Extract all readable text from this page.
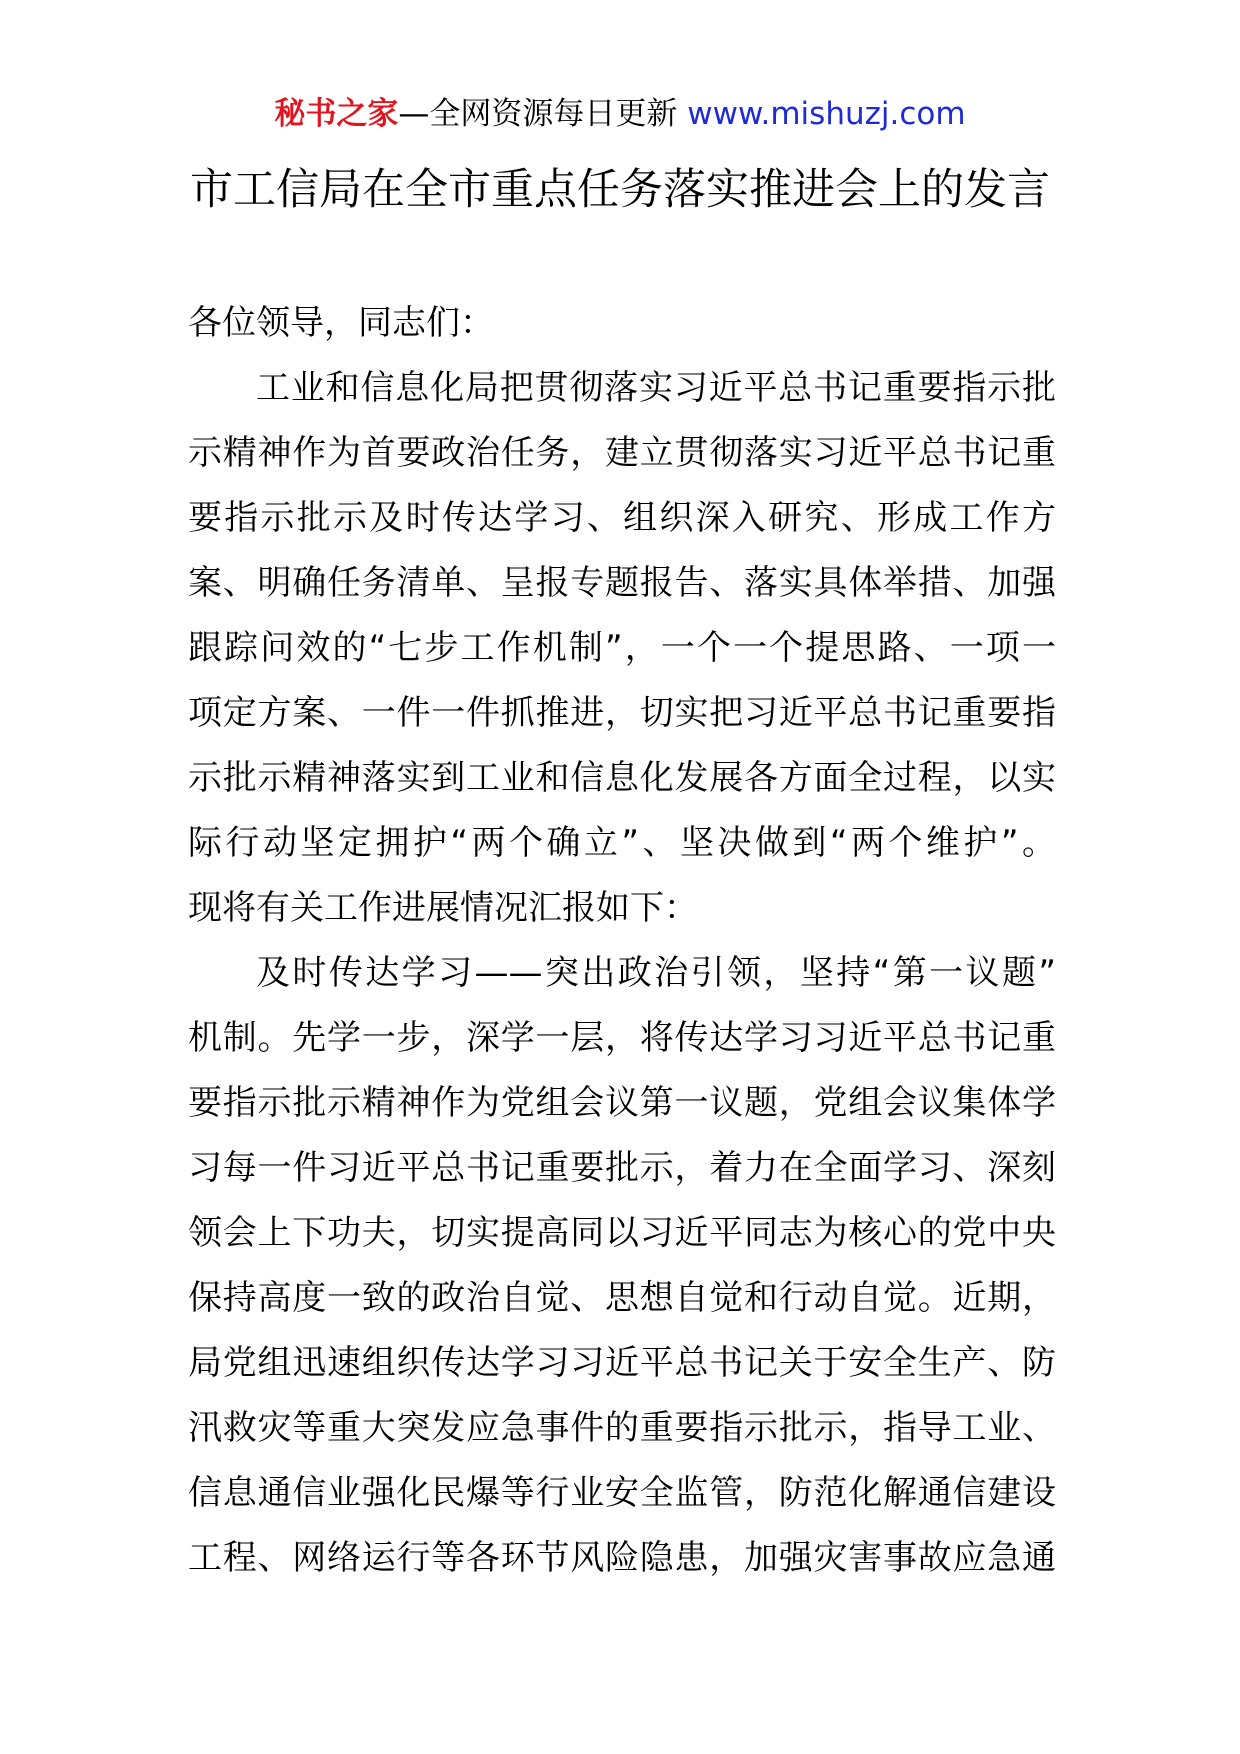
秘书之家—全网资源每日更新 www.mishuzj.com
市工信局在全市重点任务落实推进会上的发言
各位领导，同志们：
工业和信息化局把贯彻落实习近平总书记重要指示批
示精神作为首要政治任务，建立贯彻落实习近平总书记重
要指示批示及时传达学习、组织深入研究、形成工作方
案、明确任务清单、呈报专题报告、落实具体举措、加强
跟踪问效的“七步工作机制”，一个一个提思路、一项一
项定方案、一件一件抓推进，切实把习近平总书记重要指
示批示精神落实到工业和信息化发展各方面全过程，以实
际行动坚定拥护“两个确立”、坚决做到“两个维护”。
现将有关工作进展情况汇报如下：
及时传达学习——突出政治引领，坚持“第一议题”
机制。先学一步，深学一层，将传达学习习近平总书记重
要指示批示精神作为党组会议第一议题，党组会议集体学
习每一件习近平总书记重要批示，着力在全面学习、深刻
领会上下功夫，切实提高同以习近平同志为核心的党中央
保持高度一致的政治自觉、思想自觉和行动自觉。近期，
局党组迅速组织传达学习习近平总书记关于安全生产、防
汛救灾等重大突发应急事件的重要指示批示，指导工业、
信息通信业强化民爆等行业安全监管，防范化解通信建设
工程、网络运行等各环节风险隐患，加强灾害事故应急通
